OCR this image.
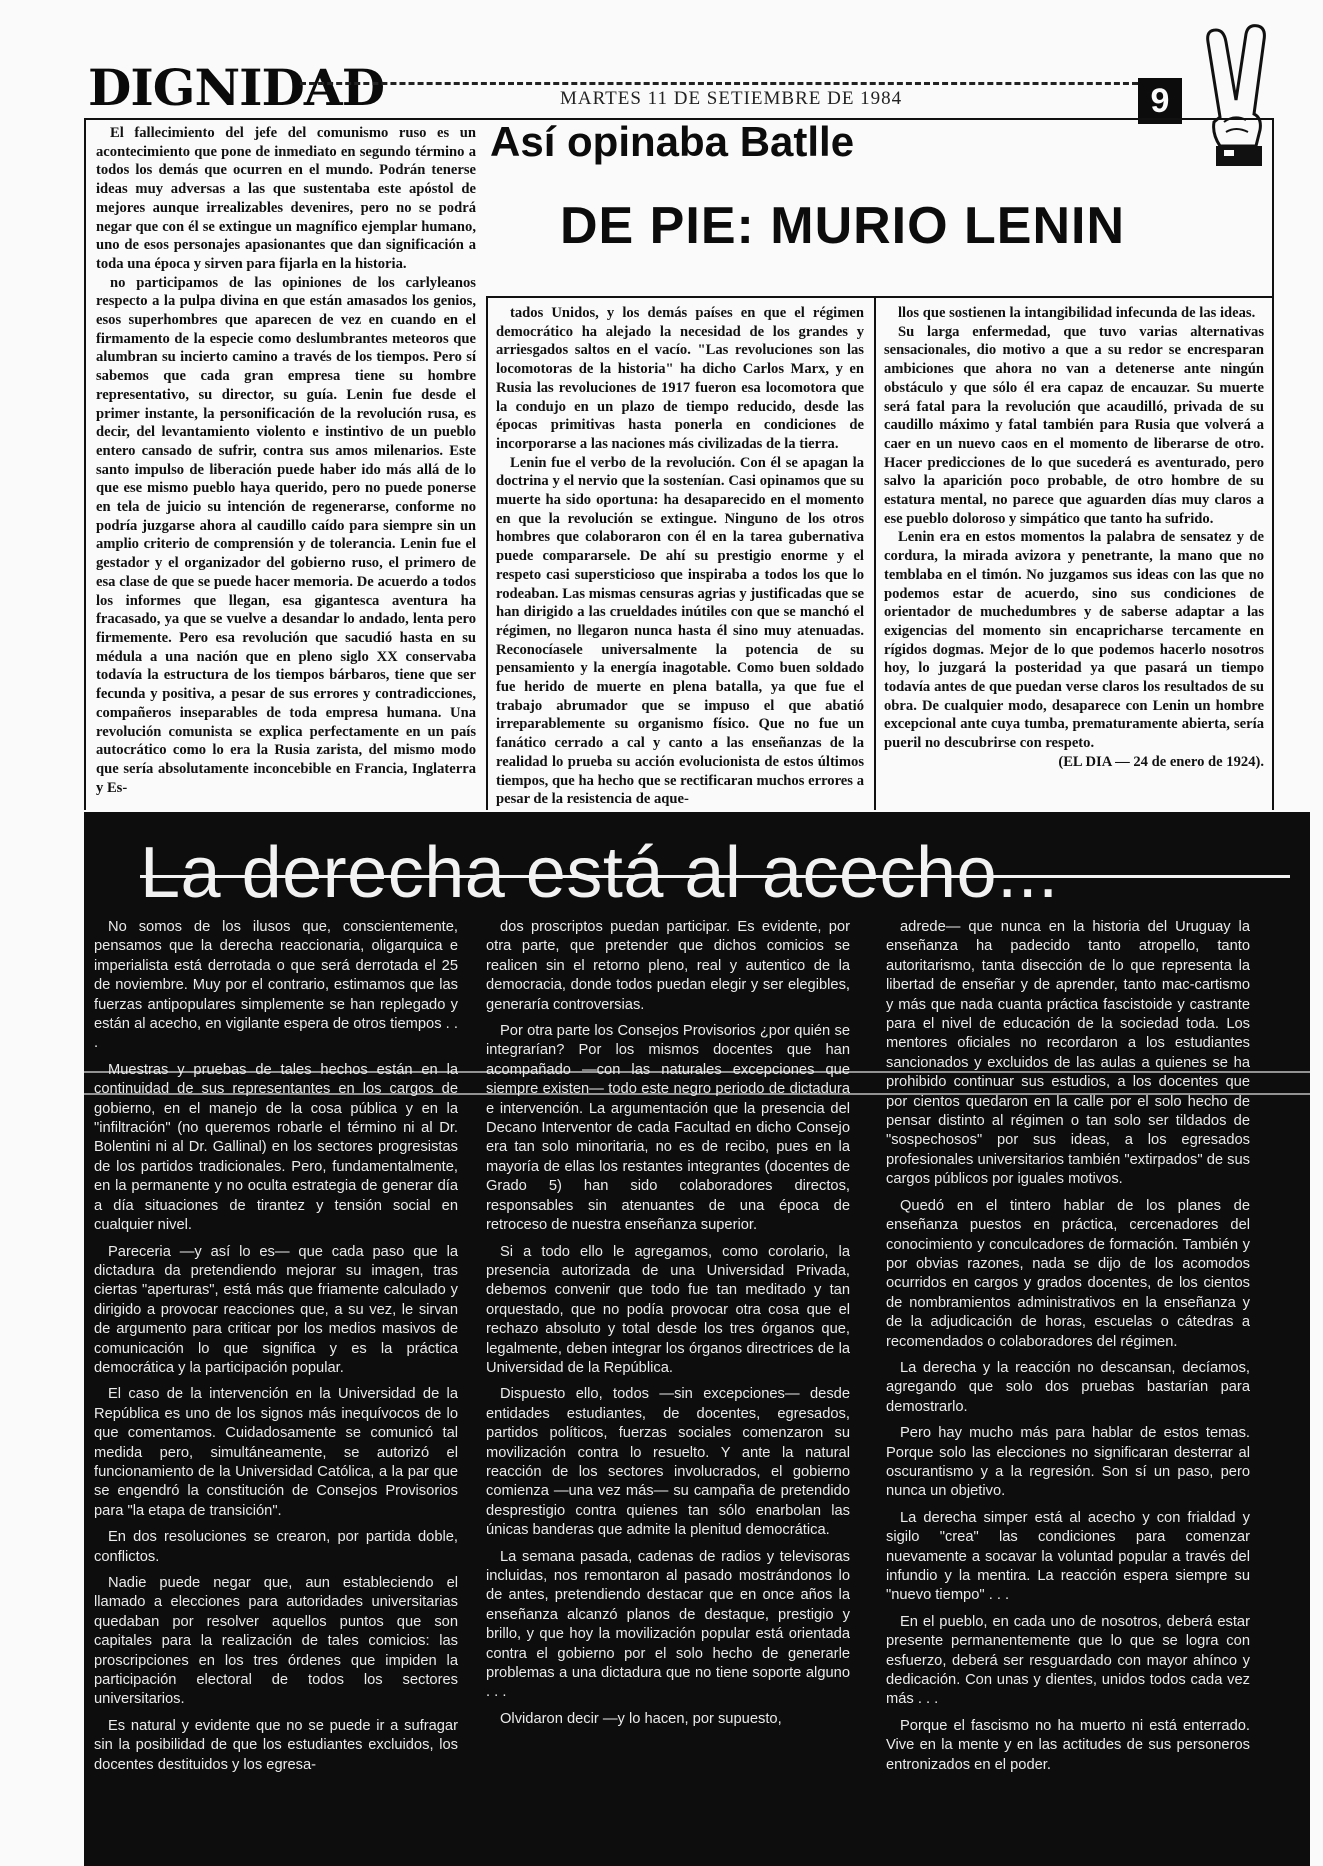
DIGNIDAD	MARTES 11 DE SETIEMBRE DE 1984	9
Así opinaba Batlle
DE PIE: MURIO LENIN

El fallecimiento del jefe del comunismo ruso es un acontecimiento que pone de inmediato en segundo término a todos los demás que ocurren en el mundo. Podrán tenerse ideas muy adversas a las que sustentaba este apóstol de mejores aunque irrealizables devenires, pero no se podrá negar que con él se extingue un magnífico ejemplar humano, uno de esos personajes apasionantes que dan significación a toda una época y sirven para fijarla en la historia.

no participamos de las opiniones de los carlyleanos respecto a la pulpa divina en que están amasados los genios, esos superhombres que aparecen de vez en cuando en el firmamento de la especie como deslumbrantes meteoros que alumbran su incierto camino a través de los tiempos. Pero sí sabemos que cada gran empresa tiene su hombre representativo, su director, su guía. Lenin fue desde el primer instante, la personificación de la revolución rusa, es decir, del levantamiento violento e instintivo de un pueblo entero cansado de sufrir, contra sus amos milenarios. Este santo impulso de liberación puede haber ido más allá de lo que ese mismo pueblo haya querido, pero no puede ponerse en tela de juicio su intención de regenerarse, conforme no podría juzgarse ahora al caudillo caído para siempre sin un amplio criterio de comprensión y de tolerancia. Lenin fue el gestador y el organizador del gobierno ruso, el primero de esa clase de que se puede hacer memoria. De acuerdo a todos los informes que llegan, esa gigantesca aventura ha fracasado, ya que se vuelve a desandar lo andado, lenta pero firmemente. Pero esa revolución que sacudió hasta en su médula a una nación que en pleno siglo XX conservaba todavía la estructura de los tiempos bárbaros, tiene que ser fecunda y positiva, a pesar de sus errores y contradicciones, compañeros inseparables de toda empresa humana. Una revolución comunista se explica perfectamente en un país autocrático como lo era la Rusia zarista, del mismo modo que sería absolutamente inconcebible en Francia, Inglaterra y Es-

tados Unidos, y los demás países en que el régimen democrático ha alejado la necesidad de los grandes y arriesgados saltos en el vacío. "Las revoluciones son las locomotoras de la historia" ha dicho Carlos Marx, y en Rusia las revoluciones de 1917 fueron esa locomotora que la condujo en un plazo de tiempo reducido, desde las épocas primitivas hasta ponerla en condiciones de incorporarse a las naciones más civilizadas de la tierra.

Lenin fue el verbo de la revolución. Con él se apagan la doctrina y el nervio que la sostenían. Casi opinamos que su muerte ha sido oportuna: ha desaparecido en el momento en que la revolución se extingue. Ninguno de los otros hombres que colaboraron con él en la tarea gubernativa puede compararsele. De ahí su prestigio enorme y el respeto casi supersticioso que inspiraba a todos los que lo rodeaban. Las mismas censuras agrias y justificadas que se han dirigido a las crueldades inútiles con que se manchó el régimen, no llegaron nunca hasta él sino muy atenuadas. Reconocíasele universalmente la potencia de su pensamiento y la energía inagotable. Como buen soldado fue herido de muerte en plena batalla, ya que fue el trabajo abrumador que se impuso el que abatió irreparablemente su organismo físico. Que no fue un fanático cerrado a cal y canto a las enseñanzas de la realidad lo prueba su acción evolucionista de estos últimos tiempos, que ha hecho que se rectificaran muchos errores a pesar de la resistencia de aque-

llos que sostienen la intangibilidad infecunda de las ideas.

Su larga enfermedad, que tuvo varias alternativas sensacionales, dio motivo a que a su redor se encresparan ambiciones que ahora no van a detenerse ante ningún obstáculo y que sólo él era capaz de encauzar. Su muerte será fatal para la revolución que acaudilló, privada de su caudillo máximo y fatal también para Rusia que volverá a caer en un nuevo caos en el momento de liberarse de otro. Hacer predicciones de lo que sucederá es aventurado, pero salvo la aparición poco probable, de otro hombre de su estatura mental, no parece que aguarden días muy claros a ese pueblo doloroso y simpático que tanto ha sufrido.

Lenin era en estos momentos la palabra de sensatez y de cordura, la mirada avizora y penetrante, la mano que no temblaba en el timón. No juzgamos sus ideas con las que no podemos estar de acuerdo, sino sus condiciones de orientador de muchedumbres y de saberse adaptar a las exigencias del momento sin encapricharse tercamente en rígidos dogmas. Mejor de lo que podemos hacerlo nosotros hoy, lo juzgará la posteridad ya que pasará un tiempo todavía antes de que puedan verse claros los resultados de su obra. De cualquier modo, desaparece con Lenin un hombre excepcional ante cuya tumba, prematuramente abierta, sería pueril no descubrirse con respeto.

(EL DIA — 24 de enero de 1924).
La derecha está al acecho...

No somos de los ilusos que, conscientemente, pensamos que la derecha reaccionaria, oligarquica e imperialista está derrotada o que será derrotada el 25 de noviembre. Muy por el contrario, estimamos que las fuerzas antipopulares simplemente se han replegado y están al acecho, en vigilante espera de otros tiempos . . .

Muestras y pruebas de tales hechos están en la continuidad de sus representantes en los cargos de gobierno, en el manejo de la cosa pública y en la "infiltración" (no queremos robarle el término ni al Dr. Bolentini ni al Dr. Gallinal) en los sectores progresistas de los partidos tradicionales. Pero, fundamentalmente, en la permanente y no oculta estrategia de generar día a día situaciones de tirantez y tensión social en cualquier nivel.

Pareceria —y así lo es— que cada paso que la dictadura da pretendiendo mejorar su imagen, tras ciertas "aperturas", está más que friamente calculado y dirigido a provocar reacciones que, a su vez, le sirvan de argumento para criticar por los medios masivos de comunicación lo que significa y es la práctica democrática y la participación popular.

El caso de la intervención en la Universidad de la República es uno de los signos más inequívocos de lo que comentamos. Cuidadosamente se comunicó tal medida pero, simultáneamente, se autorizó el funcionamiento de la Universidad Católica, a la par que se engendró la constitución de Consejos Provisorios para "la etapa de transición".

En dos resoluciones se crearon, por partida doble, conflictos.

Nadie puede negar que, aun estableciendo el llamado a elecciones para autoridades universitarias quedaban por resolver aquellos puntos que son capitales para la realización de tales comicios: las proscripciones en los tres órdenes que impiden la participación electoral de todos los sectores universitarios.

Es natural y evidente que no se puede ir a sufragar sin la posibilidad de que los estudiantes excluidos, los docentes destituidos y los egresa-

dos proscriptos puedan participar. Es evidente, por otra parte, que pretender que dichos comicios se realicen sin el retorno pleno, real y autentico de la democracia, donde todos puedan elegir y ser elegibles, generaría controversias.

Por otra parte los Consejos Provisorios ¿por quién se integrarían? Por los mismos docentes que han acompañado —con las naturales excepciones que siempre existen— todo este negro periodo de dictadura e intervención. La argumentación que la presencia del Decano Interventor de cada Facultad en dicho Consejo era tan solo minoritaria, no es de recibo, pues en la mayoría de ellas los restantes integrantes (docentes de Grado 5) han sido colaboradores directos, responsables sin atenuantes de una época de retroceso de nuestra enseñanza superior.

Si a todo ello le agregamos, como corolario, la presencia autorizada de una Universidad Privada, debemos convenir que todo fue tan meditado y tan orquestado, que no podía provocar otra cosa que el rechazo absoluto y total desde los tres órganos que, legalmente, deben integrar los órganos directrices de la Universidad de la República.

Dispuesto ello, todos —sin excepciones— desde entidades estudiantes, de docentes, egresados, partidos políticos, fuerzas sociales comenzaron su movilización contra lo resuelto. Y ante la natural reacción de los sectores involucrados, el gobierno comienza —una vez más— su campaña de pretendido desprestigio contra quienes tan sólo enarbolan las únicas banderas que admite la plenitud democrática.

La semana pasada, cadenas de radios y televisoras incluidas, nos remontaron al pasado mostrándonos lo de antes, pretendiendo destacar que en once años la enseñanza alcanzó planos de destaque, prestigio y brillo, y que hoy la movilización popular está orientada contra el gobierno por el solo hecho de generarle problemas a una dictadura que no tiene soporte alguno . . .

Olvidaron decir —y lo hacen, por supuesto,

adrede— que nunca en la historia del Uruguay la enseñanza ha padecido tanto atropello, tanto autoritarismo, tanta disección de lo que representa la libertad de enseñar y de aprender, tanto mac-cartismo y más que nada cuanta práctica fascistoide y castrante para el nivel de educación de la sociedad toda. Los mentores oficiales no recordaron a los estudiantes sancionados y excluidos de las aulas a quienes se ha prohibido continuar sus estudios, a los docentes que por cientos quedaron en la calle por el solo hecho de pensar distinto al régimen o tan solo ser tildados de "sospechosos" por sus ideas, a los egresados profesionales universitarios también "extirpados" de sus cargos públicos por iguales motivos.

Quedó en el tintero hablar de los planes de enseñanza puestos en práctica, cercenadores del conocimiento y conculcadores de formación. También y por obvias razones, nada se dijo de los acomodos ocurridos en cargos y grados docentes, de los cientos de nombramientos administrativos en la enseñanza y de la adjudicación de horas, escuelas o cátedras a recomendados o colaboradores del régimen.

La derecha y la reacción no descansan, decíamos, agregando que solo dos pruebas bastarían para demostrarlo.

Pero hay mucho más para hablar de estos temas. Porque solo las elecciones no significaran desterrar al oscurantismo y a la regresión. Son sí un paso, pero nunca un objetivo.

La derecha simper está al acecho y con frialdad y sigilo "crea" las condiciones para comenzar nuevamente a socavar la voluntad popular a través del infundio y la mentira. La reacción espera siempre su "nuevo tiempo" . . .

En el pueblo, en cada uno de nosotros, deberá estar presente permanentemente que lo que se logra con esfuerzo, deberá ser resguardado con mayor ahínco y dedicación. Con unas y dientes, unidos todos cada vez más . . .

Porque el fascismo no ha muerto ni está enterrado. Vive en la mente y en las actitudes de sus personeros entronizados en el poder.
